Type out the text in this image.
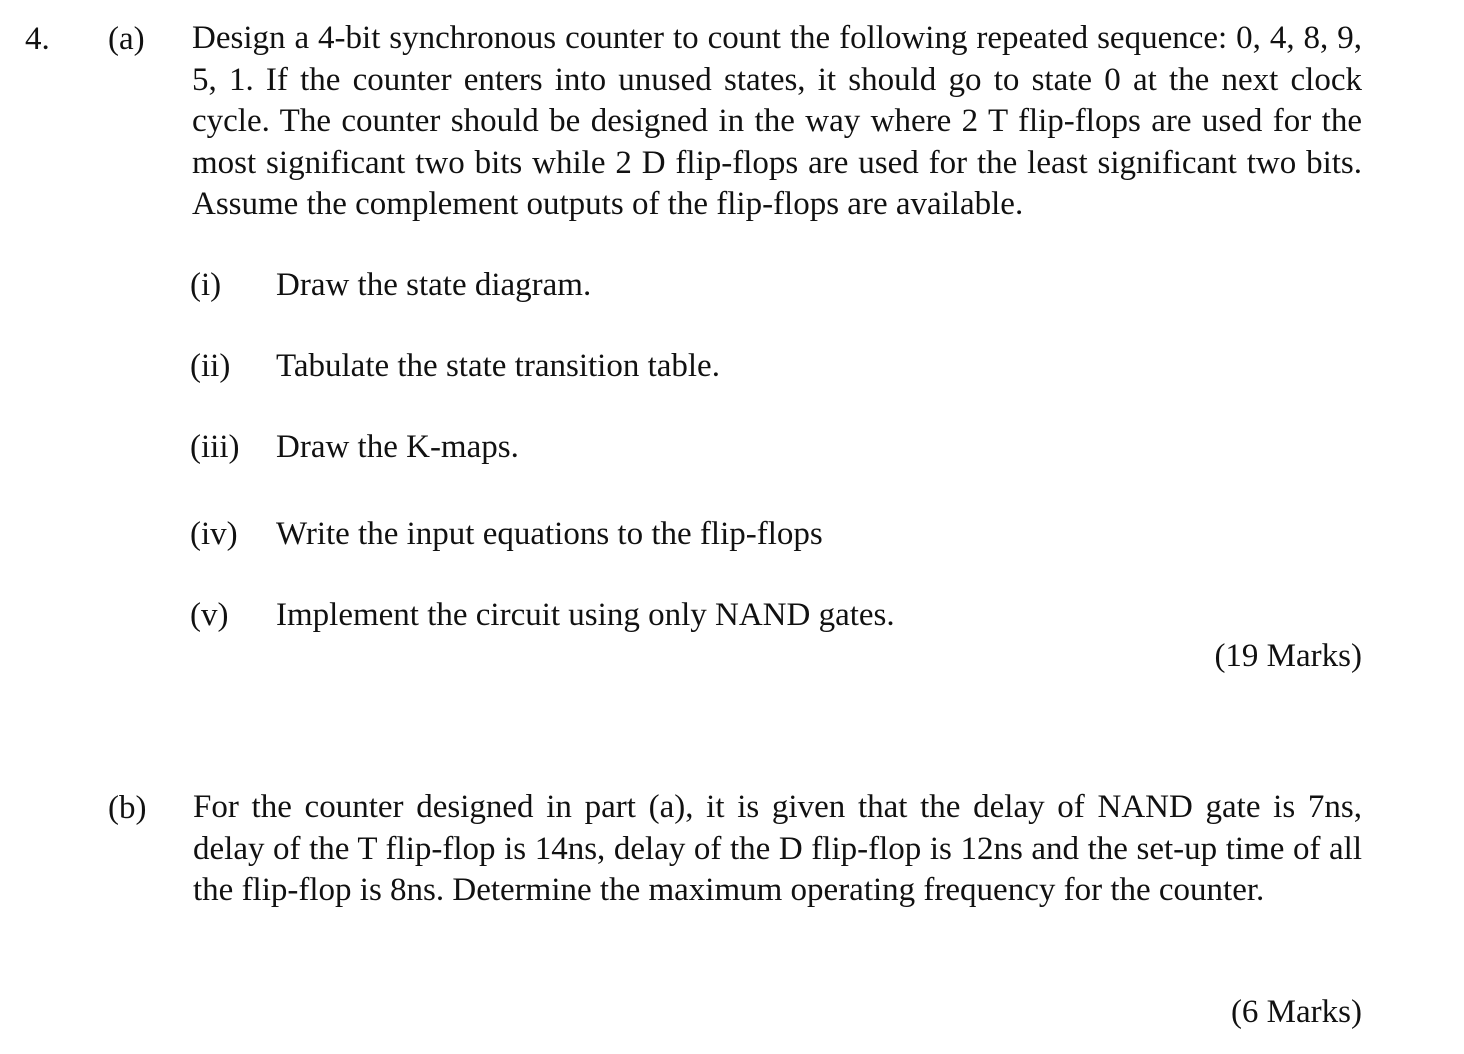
4. (a) Design a 4-bit synchronous counter to count the following repeated sequence: 0, 4, 8, 9, 5, 1. If the counter enters into unused states, it should go to state 0 at the next clock cycle. The counter should be designed in the way where 2 T flip-flops are used for the most significant two bits while 2 D flip-flops are used for the least significant two bits. Assume the complement outputs of the flip-flops are available.

(i) Draw the state diagram.
(ii) Tabulate the state transition table.
(iii) Draw the K-maps.
(iv) Write the input equations to the flip-flops
(v) Implement the circuit using only NAND gates.
(19 Marks)
(b) For the counter designed in part (a), it is given that the delay of NAND gate is 7ns, delay of the T flip-flop is 14ns, delay of the D flip-flop is 12ns and the set-up time of all the flip-flop is 8ns. Determine the maximum operating frequency for the counter.

(6 Marks)
